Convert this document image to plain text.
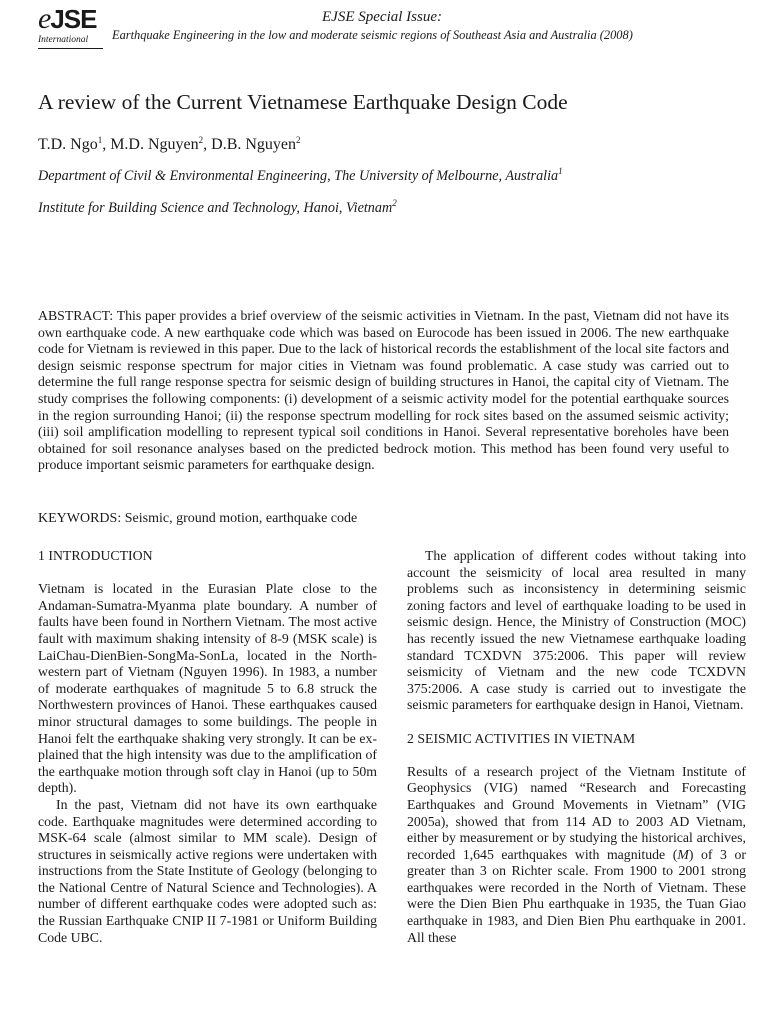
eJSE
International
EJSE Special Issue:
Earthquake Engineering in the low and moderate seismic regions of Southeast Asia and Australia (2008)
A review of the Current Vietnamese Earthquake Design Code
T.D. Ngo$^1$, M.D. Nguyen$^2$, D.B. Nguyen$^2$
Department of Civil & Environmental Engineering, The University of Melbourne, Australia$^1$
Institute for Building Science and Technology, Hanoi, Vietnam$^2$
ABSTRACT: This paper provides a brief overview of the seismic activities in Vietnam. In the past, Vietnam did not have its own earthquake code. A new earthquake code which was based on Eurocode has been issued in 2006. The new earthquake code for Vietnam is reviewed in this paper. Due to the lack of historical records the establishment of the local site factors and design seismic response spectrum for major cities in Vietnam was found problematic. A case study was carried out to determine the full range response spectra for seismic design of building structures in Hanoi, the capital city of Vietnam. The study comprises the following components: (i) development of a seismic activity model for the potential earthquake sources in the region surrounding Hanoi; (ii) the response spectrum modelling for rock sites based on the assumed seismic activity; (iii) soil amplification modelling to represent typical soil conditions in Hanoi. Several representative boreholes have been obtained for soil resonance analyses based on the predicted bedrock motion. This method has been found very useful to produce important seismic parameters for earthquake design.
KEYWORDS: Seismic, ground motion, earthquake code
1 INTRODUCTION

Vietnam is located in the Eurasian Plate close to the Andaman-Sumatra-Myanma plate boundary. A number of faults have been found in Northern Vietnam. The most active fault with maximum shaking intensity of 8-9 (MSK scale) is LaiChau-DienBien-SongMa-SonLa, located in the Northwestern part of Vietnam (Nguyen 1996). In 1983, a number of moderate earthquakes of magnitude 5 to 6.8 struck the Northwestern provinces of Hanoi. These earthquakes caused minor structural damages to some buildings. The people in Hanoi felt the earthquake shaking very strongly. It can be explained that the high intensity was due to the amplification of the earthquake motion through soft clay in Hanoi (up to 50m depth).

In the past, Vietnam did not have its own earthquake code. Earthquake magnitudes were determined according to MSK-64 scale (almost similar to MM scale). Design of structures in seismically active regions were undertaken with instructions from the State Institute of Geology (belonging to the National Centre of Natural Science and Technologies). A number of different earthquake codes were adopted such as: the Russian Earthquake CNIP II 7-1981 or Uniform Building Code UBC.

The application of different codes without taking into account the seismicity of local area resulted in many problems such as inconsistency in determining seismic zoning factors and level of earthquake loading to be used in seismic design. Hence, the Ministry of Construction (MOC) has recently issued the new Vietnamese earthquake loading standard TCXDVN 375:2006. This paper will review seismicity of Vietnam and the new code TCXDVN 375:2006. A case study is carried out to investigate the seismic parameters for earthquake design in Hanoi, Vietnam.

2 SEISMIC ACTIVITIES IN VIETNAM

Results of a research project of the Vietnam Institute of Geophysics (VIG) named “Research and Forecasting Earthquakes and Ground Movements in Vietnam” (VIG 2005a), showed that from 114 AD to 2003 AD Vietnam, either by measurement or by studying the historical archives, recorded 1,645 earthquakes with magnitude (M) of 3 or greater than 3 on Richter scale. From 1900 to 2001 strong earthquakes were recorded in the North of Vietnam. These were the Dien Bien Phu earthquake in 1935, the Tuan Giao earthquake in 1983, and Dien Bien Phu earthquake in 2001. All these
